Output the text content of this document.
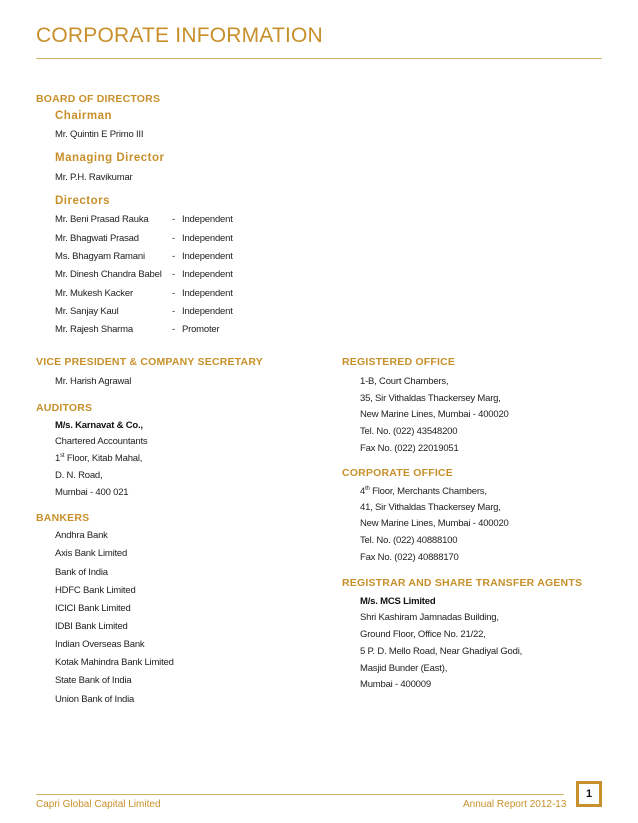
CORPORATE INFORMATION
BOARD OF DIRECTORS
Chairman
Mr. Quintin E Primo III
Managing Director
Mr. P.H. Ravikumar
Directors
Mr. Beni Prasad Rauka - Independent
Mr. Bhagwati Prasad	- Independent
Ms. Bhagyam Ramani	- Independent
Mr. Dinesh Chandra Babel - Independent
Mr. Mukesh Kacker	- Independent
Mr. Sanjay Kaul	- Independent
Mr. Rajesh Sharma	- Promoter
VICE PRESIDENT & COMPANY SECRETARY
Mr. Harish Agrawal
AUDITORS
M/s. Karnavat & Co.,
Chartered Accountants
1st Floor, Kitab Mahal,
D. N. Road,
Mumbai - 400 021
BANKERS
Andhra Bank
Axis Bank Limited
Bank of India
HDFC Bank Limited
ICICI Bank Limited
IDBI Bank Limited
Indian Overseas Bank
Kotak Mahindra Bank Limited
State Bank of India
Union Bank of India
REGISTERED OFFICE
1-B, Court Chambers,
35, Sir Vithaldas Thackersey Marg,
New Marine Lines, Mumbai - 400020
Tel. No. (022) 43548200
Fax No. (022) 22019051
CORPORATE OFFICE
4th Floor, Merchants Chambers,
41, Sir Vithaldas Thackersey Marg,
New Marine Lines, Mumbai - 400020
Tel. No. (022) 40888100
Fax No. (022) 40888170
REGISTRAR AND SHARE TRANSFER AGENTS
M/s. MCS Limited
Shri Kashiram Jamnadas Building,
Ground Floor, Office No. 21/22,
5 P. D. Mello Road, Near Ghadiyal Godi,
Masjid Bunder (East),
Mumbai - 400009
Capri Global Capital Limited	Annual Report 2012-13
1
